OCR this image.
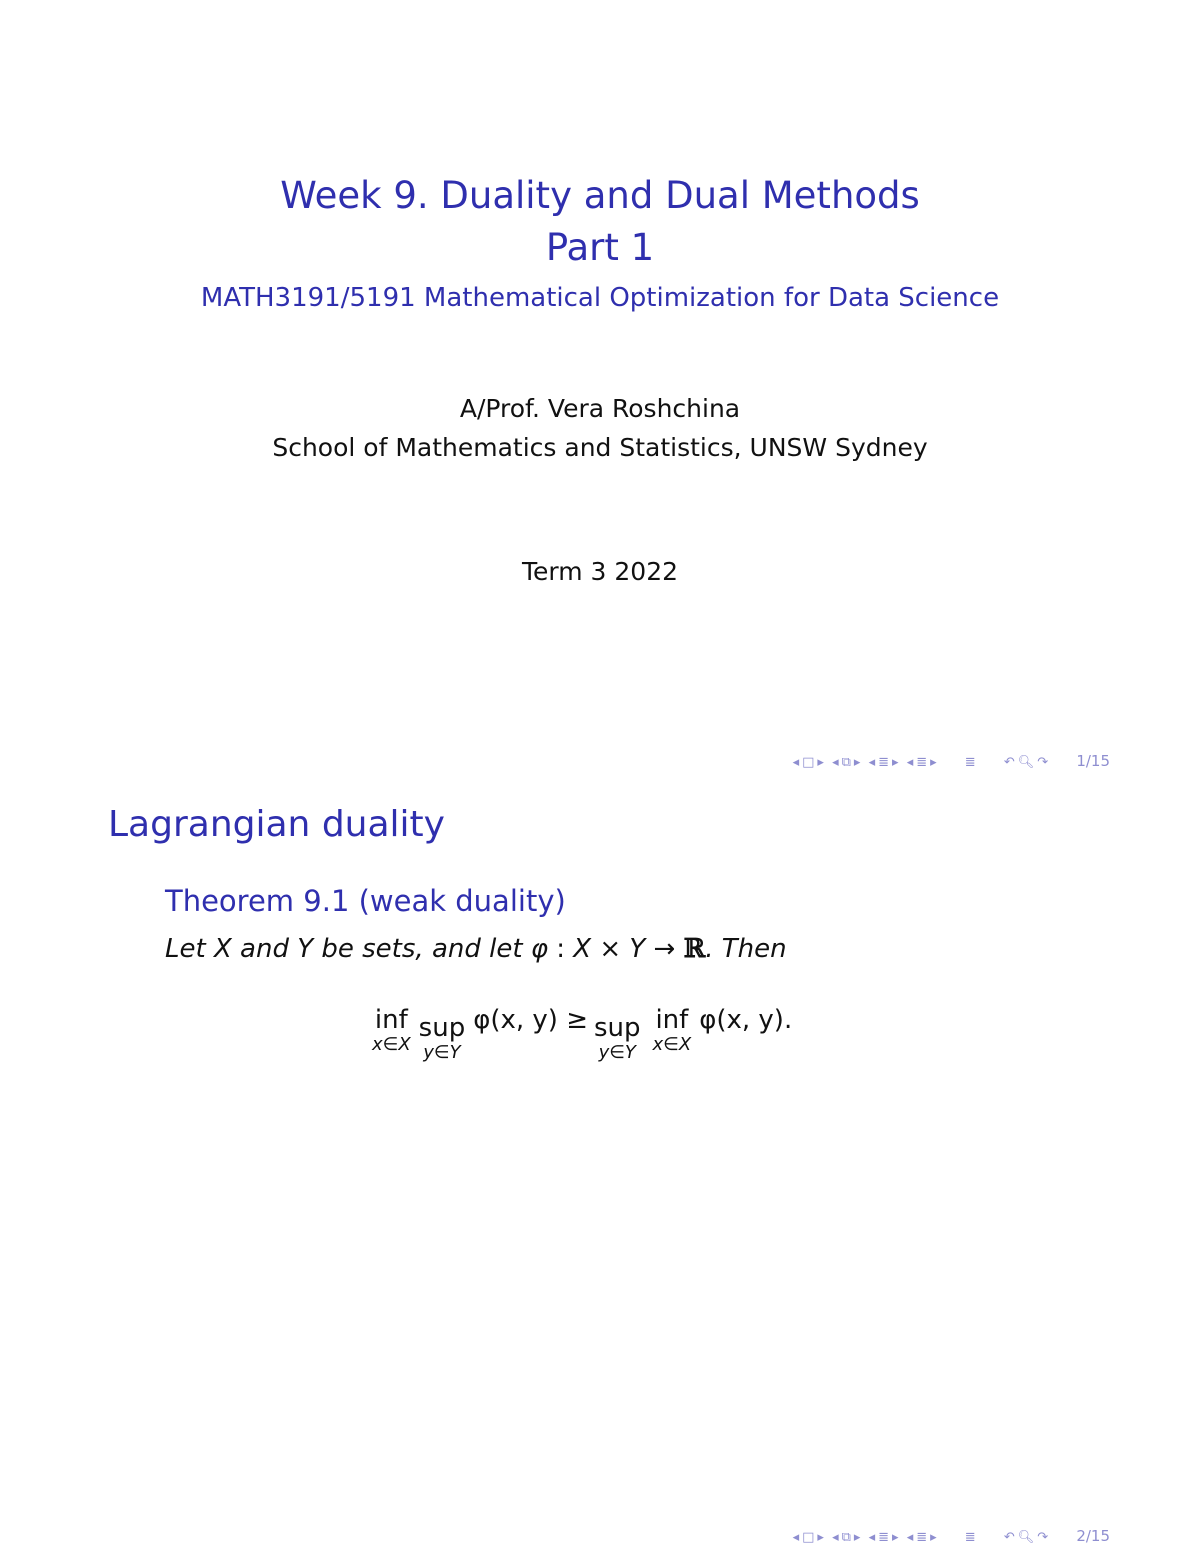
Week 9. Duality and Dual Methods
Part 1
MATH3191/5191 Mathematical Optimization for Data Science
A/Prof. Vera Roshchina
School of Mathematics and Statistics, UNSW Sydney
Term 3 2022
◂ □ ▸ ◂ ⧉ ▸ ◂ ≣ ▸ ◂ ≣ ▸ ≣ ↶ 🔍︎ ↷ 1/15
Lagrangian duality
Theorem 9.1 (weak duality)
Let X and Y be sets, and let φ : X × Y → ℝ. Then
inf
x∈X
sup
y∈Y
φ(x, y) ≥ sup
y∈Y
inf
x∈X
φ(x, y).
◂ □ ▸ ◂ ⧉ ▸ ◂ ≣ ▸ ◂ ≣ ▸ ≣ ↶ 🔍︎ ↷ 2/15
